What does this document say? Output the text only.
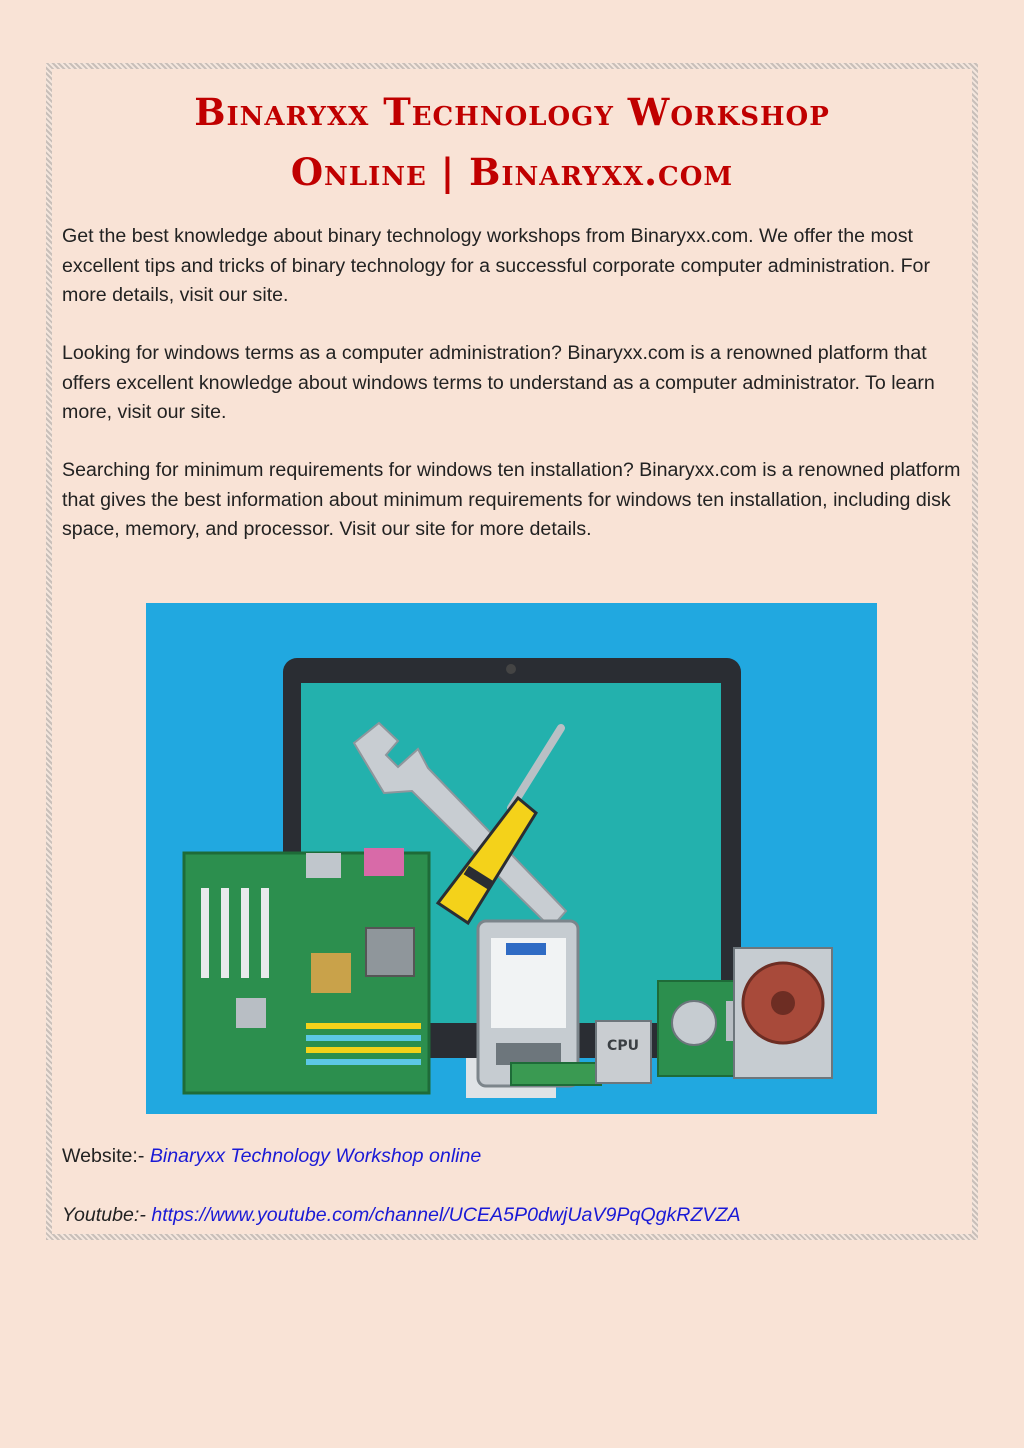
Binaryxx Technology Workshop
Online | Binaryxx.com

Get the best knowledge about binary technology workshops from Binaryxx.com. We offer the most excellent tips and tricks of binary technology for a successful corporate computer administration. For more details, visit our site.

Looking for windows terms as a computer administration? Binaryxx.com is a renowned platform that offers excellent knowledge about windows terms to understand as a computer administrator. To learn more, visit our site.

Searching for minimum requirements for windows ten installation? Binaryxx.com is a renowned platform that gives the best information about minimum requirements for windows ten installation, including disk space, memory, and processor. Visit our site for more details.

CPU

Website:- Binaryxx Technology Workshop online

Youtube:- https://www.youtube.com/channel/UCEA5P0dwjUaV9PqQgkRZVZA
